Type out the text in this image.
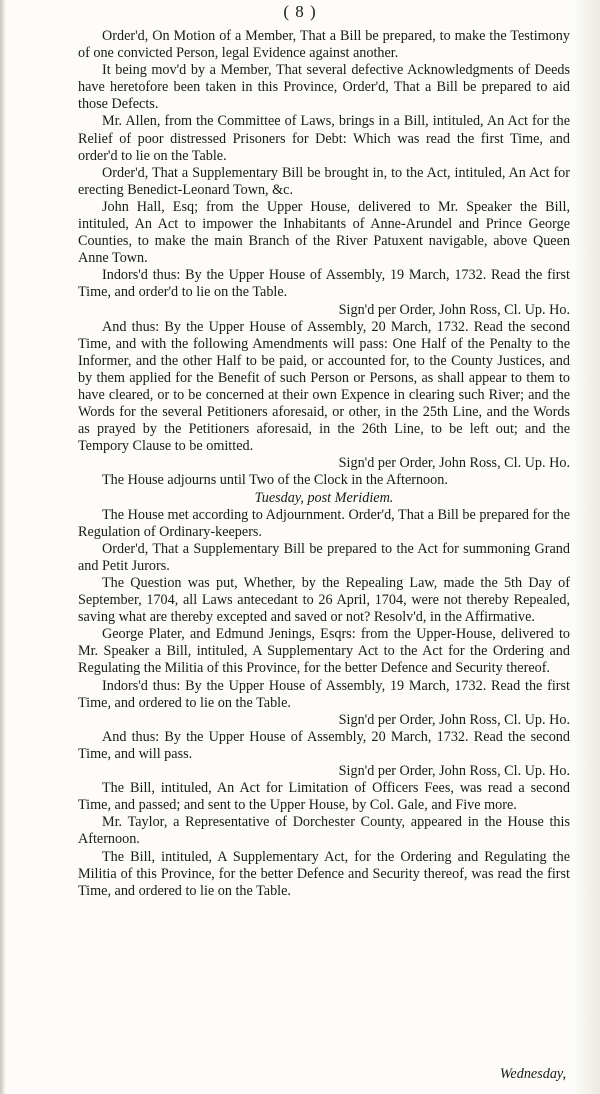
( 8 )

Order'd, On Motion of a Member, That a Bill be prepared, to make the Testimony of one convicted Person, legal Evidence against another.

It being mov'd by a Member, That several defective Acknowledgments of Deeds have heretofore been taken in this Province, Order'd, That a Bill be prepared to aid those Defects.

Mr. Allen, from the Committee of Laws, brings in a Bill, intituled, An Act for the Relief of poor distressed Prisoners for Debt: Which was read the first Time, and order'd to lie on the Table.

Order'd, That a Supplementary Bill be brought in, to the Act, intituled, An Act for erecting Benedict-Leonard Town, &c.

John Hall, Esq; from the Upper House, delivered to Mr. Speaker the Bill, intituled, An Act to impower the Inhabitants of Anne-Arundel and Prince George Counties, to make the main Branch of the River Patuxent navigable, above Queen Anne Town.

Indors'd thus: By the Upper House of Assembly, 19 March, 1732. Read the first Time, and order'd to lie on the Table.

Sign'd per Order, John Ross, Cl. Up. Ho.

And thus: By the Upper House of Assembly, 20 March, 1732. Read the second Time, and with the following Amendments will pass: One Half of the Penalty to the Informer, and the other Half to be paid, or accounted for, to the County Justices, and by them applied for the Benefit of such Person or Persons, as shall appear to them to have cleared, or to be concerned at their own Expence in clearing such River; and the Words for the several Petitioners aforesaid, or other, in the 25th Line, and the Words as prayed by the Petitioners aforesaid, in the 26th Line, to be left out; and the Tempory Clause to be omitted.

Sign'd per Order, John Ross, Cl. Up. Ho.

The House adjourns until Two of the Clock in the Afternoon.

Tuesday, post Meridiem.

The House met according to Adjournment. Order'd, That a Bill be prepared for the Regulation of Ordinary-keepers.

Order'd, That a Supplementary Bill be prepared to the Act for summoning Grand and Petit Jurors.

The Question was put, Whether, by the Repealing Law, made the 5th Day of September, 1704, all Laws antecedant to 26 April, 1704, were not thereby Repealed, saving what are thereby excepted and saved or not? Resolv'd, in the Affirmative.

George Plater, and Edmund Jenings, Esqrs: from the Upper-House, delivered to Mr. Speaker a Bill, intituled, A Supplementary Act to the Act for the Ordering and Regulating the Militia of this Province, for the better Defence and Security thereof.

Indors'd thus: By the Upper House of Assembly, 19 March, 1732. Read the first Time, and ordered to lie on the Table.

Sign'd per Order, John Ross, Cl. Up. Ho.

And thus: By the Upper House of Assembly, 20 March, 1732. Read the second Time, and will pass.

Sign'd per Order, John Ross, Cl. Up. Ho.

The Bill, intituled, An Act for Limitation of Officers Fees, was read a second Time, and passed; and sent to the Upper House, by Col. Gale, and Five more.

Mr. Taylor, a Representative of Dorchester County, appeared in the House this Afternoon.

The Bill, intituled, A Supplementary Act, for the Ordering and Regulating the Militia of this Province, for the better Defence and Security thereof, was read the first Time, and ordered to lie on the Table.

Wednesday,
